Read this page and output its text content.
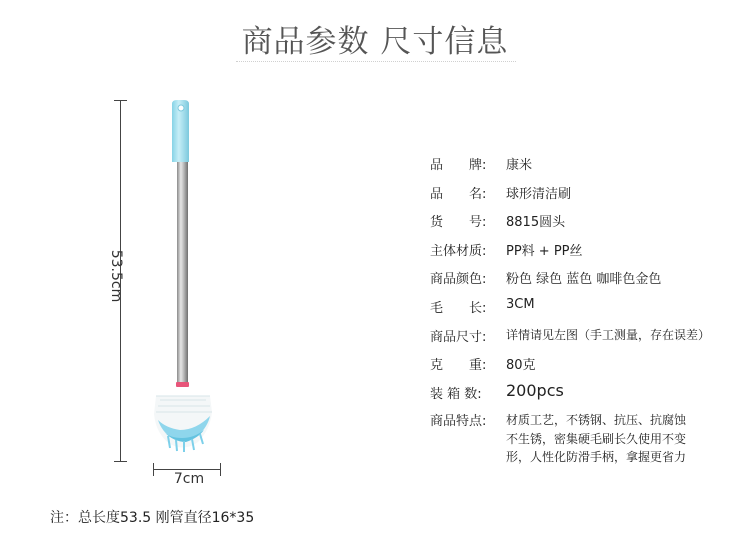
商品参数 尺寸信息
53.5cm
7cm
品　　牌:	康米
品　　名:	球形清洁刷
货　　号:	8815圆头
主体材质:	PP料 + PP丝
商品颜色:	粉色 绿色 蓝色 咖啡色金色
毛　　长:	3CM
商品尺寸:	详情请见左图（手工测量，存在误差）
克　　重:	80克
装 箱 数:	200pcs
商品特点:	材质工艺，不锈钢、抗压、抗腐蚀
不生锈，密集硬毛刷长久使用不变
形，人性化防滑手柄，拿握更省力
注：总长度53.5 刚管直径16*35
